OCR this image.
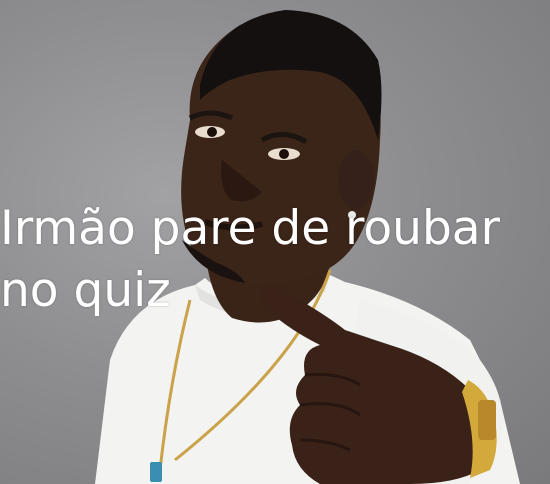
Irmão pare de roubar
no quiz
